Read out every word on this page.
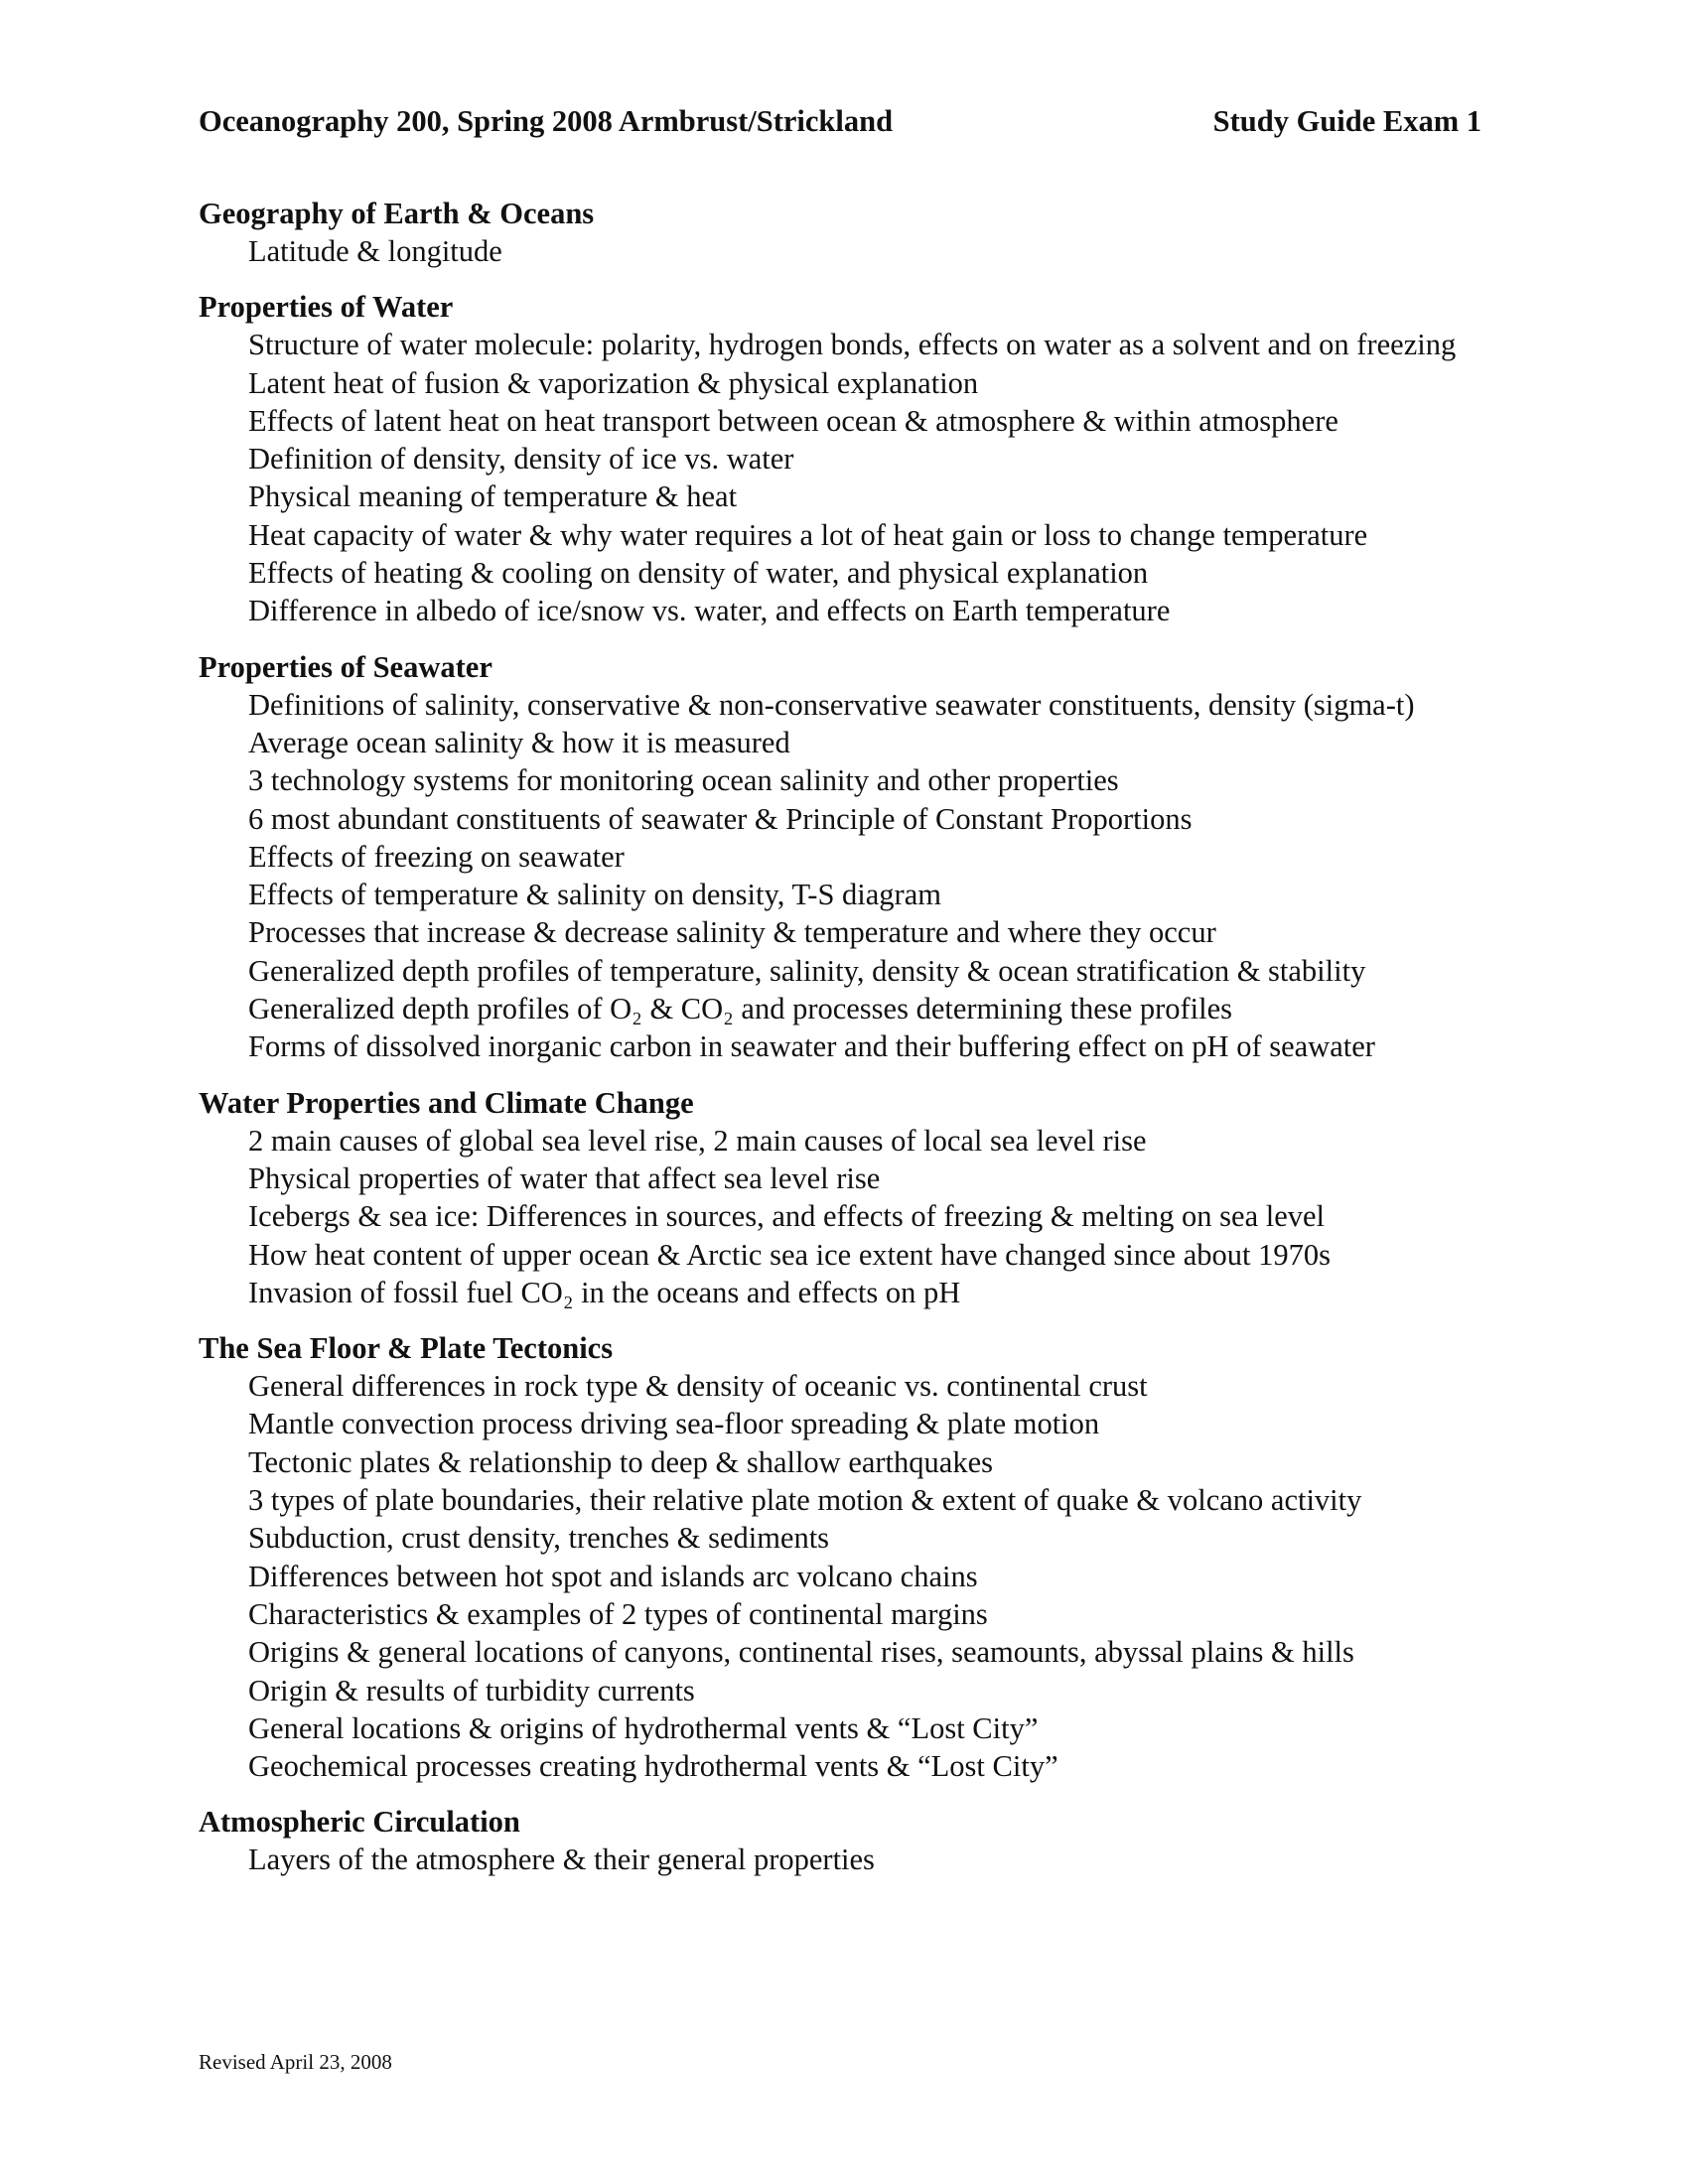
Oceanography 200, Spring 2008 Armbrust/Strickland	Study Guide Exam 1
Geography of Earth & Oceans
Latitude & longitude
Properties of Water
Structure of water molecule: polarity, hydrogen bonds, effects on water as a solvent and on freezing
Latent heat of fusion & vaporization & physical explanation
Effects of latent heat on heat transport between ocean & atmosphere & within atmosphere
Definition of density, density of ice vs. water
Physical meaning of temperature & heat
Heat capacity of water & why water requires a lot of heat gain or loss to change temperature
Effects of heating & cooling on density of water, and physical explanation
Difference in albedo of ice/snow vs. water, and effects on Earth temperature
Properties of Seawater
Definitions of salinity, conservative & non-conservative seawater constituents, density (sigma-t)
Average ocean salinity & how it is measured
3 technology systems for monitoring ocean salinity and other properties
6 most abundant constituents of seawater & Principle of Constant Proportions
Effects of freezing on seawater
Effects of temperature & salinity on density, T-S diagram
Processes that increase & decrease salinity & temperature and where they occur
Generalized depth profiles of temperature, salinity, density & ocean stratification & stability
Generalized depth profiles of O₂ & CO₂ and processes determining these profiles
Forms of dissolved inorganic carbon in seawater and their buffering effect on pH of seawater
Water Properties and Climate Change
2 main causes of global sea level rise, 2 main causes of local sea level rise
Physical properties of water that affect sea level rise
Icebergs & sea ice: Differences in sources, and effects of freezing & melting on sea level
How heat content of upper ocean & Arctic sea ice extent have changed since about 1970s
Invasion of fossil fuel CO₂ in the oceans and effects on pH
The Sea Floor & Plate Tectonics
General differences in rock type & density of oceanic vs. continental crust
Mantle convection process driving sea-floor spreading & plate motion
Tectonic plates & relationship to deep & shallow earthquakes
3 types of plate boundaries, their relative plate motion & extent of quake & volcano activity
Subduction, crust density, trenches & sediments
Differences between hot spot and islands arc volcano chains
Characteristics & examples of 2 types of continental margins
Origins & general locations of canyons, continental rises, seamounts, abyssal plains & hills
Origin & results of turbidity currents
General locations & origins of hydrothermal vents & “Lost City”
Geochemical processes creating hydrothermal vents & “Lost City”
Atmospheric Circulation
Layers of the atmosphere & their general properties
Revised April 23, 2008
